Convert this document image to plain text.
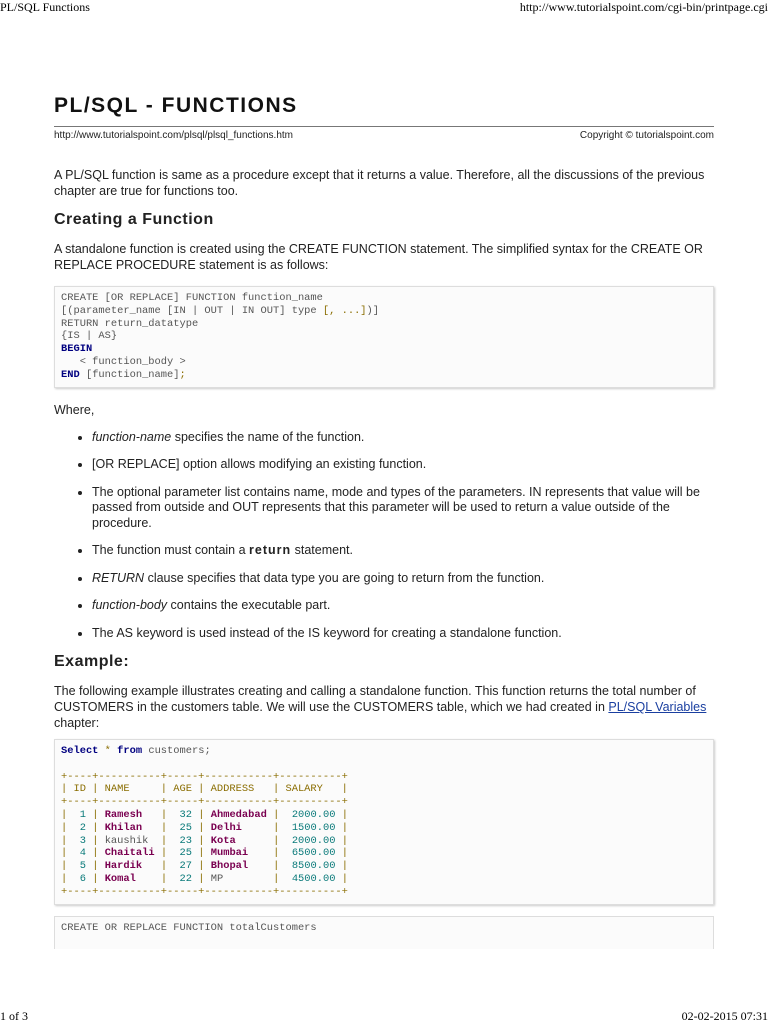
PL/SQL Functions	http://www.tutorialspoint.com/cgi-bin/printpage.cgi
PL/SQL - FUNCTIONS
http://www.tutorialspoint.com/plsql/plsql_functions.htm	Copyright © tutorialspoint.com

A PL/SQL function is same as a procedure except that it returns a value. Therefore, all the discussions of the previous chapter are true for functions too.

Creating a Function

A standalone function is created using the CREATE FUNCTION statement. The simplified syntax for the CREATE OR REPLACE PROCEDURE statement is as follows:

CREATE [OR REPLACE] FUNCTION function_name
[(parameter_name [IN | OUT | IN OUT] type [, ...])]
RETURN return_datatype
{IS | AS}
BEGIN
< function_body >
END [function_name];

Where,

• function-name specifies the name of the function.
• [OR REPLACE] option allows modifying an existing function.
• The optional parameter list contains name, mode and types of the parameters. IN represents that value will be passed from outside and OUT represents that this parameter will be used to return a value outside of the procedure.
• The function must contain a return statement.
• RETURN clause specifies that data type you are going to return from the function.
• function-body contains the executable part.
• The AS keyword is used instead of the IS keyword for creating a standalone function.
Example:

The following example illustrates creating and calling a standalone function. This function returns the total number of CUSTOMERS in the customers table. We will use the CUSTOMERS table, which we had created in PL/SQL Variables chapter:

Select * from customers;

+----+----------+-----+-----------+----------+
| ID | NAME     | AGE | ADDRESS   | SALARY   |
+----+----------+-----+-----------+----------+
|  1 | Ramesh   |  32 | Ahmedabad |  2000.00 |
|  2 | Khilan   |  25 | Delhi     |  1500.00 |
|  3 | kaushik  |  23 | Kota      |  2000.00 |
|  4 | Chaitali |  25 | Mumbai    |  6500.00 |
|  5 | Hardik   |  27 | Bhopal    |  8500.00 |
|  6 | Komal    |  22 | MP        |  4500.00 |
+----+----------+-----+-----------+----------+
CREATE OR REPLACE FUNCTION totalCustomers
1 of 3	02-02-2015 07:31
